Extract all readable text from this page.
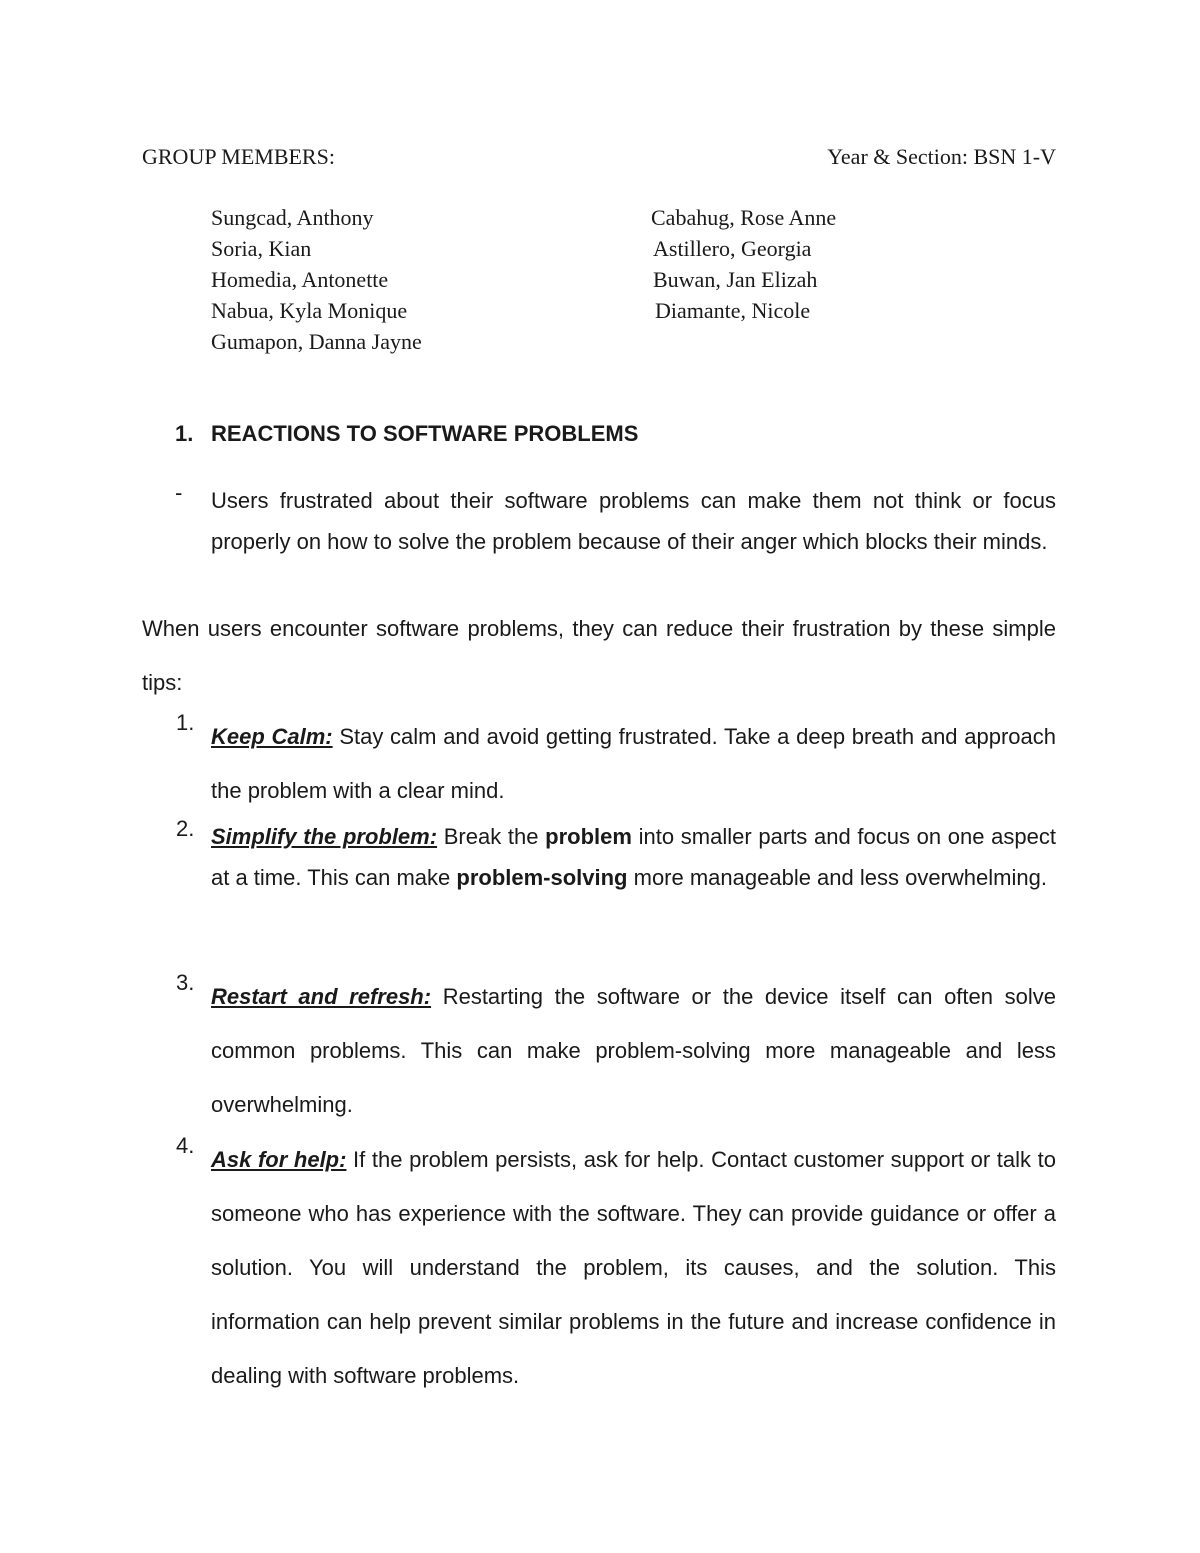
GROUP MEMBERS:	Year & Section: BSN 1-V
Sungcad, Anthony
Soria, Kian
Homedia, Antonette
Nabua, Kyla Monique
Gumapon, Danna Jayne
Cabahug, Rose Anne
Astillero, Georgia
Buwan, Jan Elizah
Diamante, Nicole
1. REACTIONS TO SOFTWARE PROBLEMS
- Users frustrated about their software problems can make them not think or focus properly on how to solve the problem because of their anger which blocks their minds.
When users encounter software problems, they can reduce their frustration by these simple tips:
1.
Keep Calm: Stay calm and avoid getting frustrated. Take a deep breath and approach the problem with a clear mind.
2. Simplify the problem: Break the problem into smaller parts and focus on one aspect at a time. This can make problem-solving more manageable and less overwhelming.
3.
Restart and refresh: Restarting the software or the device itself can often solve common problems. This can make problem-solving more manageable and less overwhelming.
4.
Ask for help: If the problem persists, ask for help. Contact customer support or talk to someone who has experience with the software. They can provide guidance or offer a solution. You will understand the problem, its causes, and the solution. This information can help prevent similar problems in the future and increase confidence in dealing with software problems.
